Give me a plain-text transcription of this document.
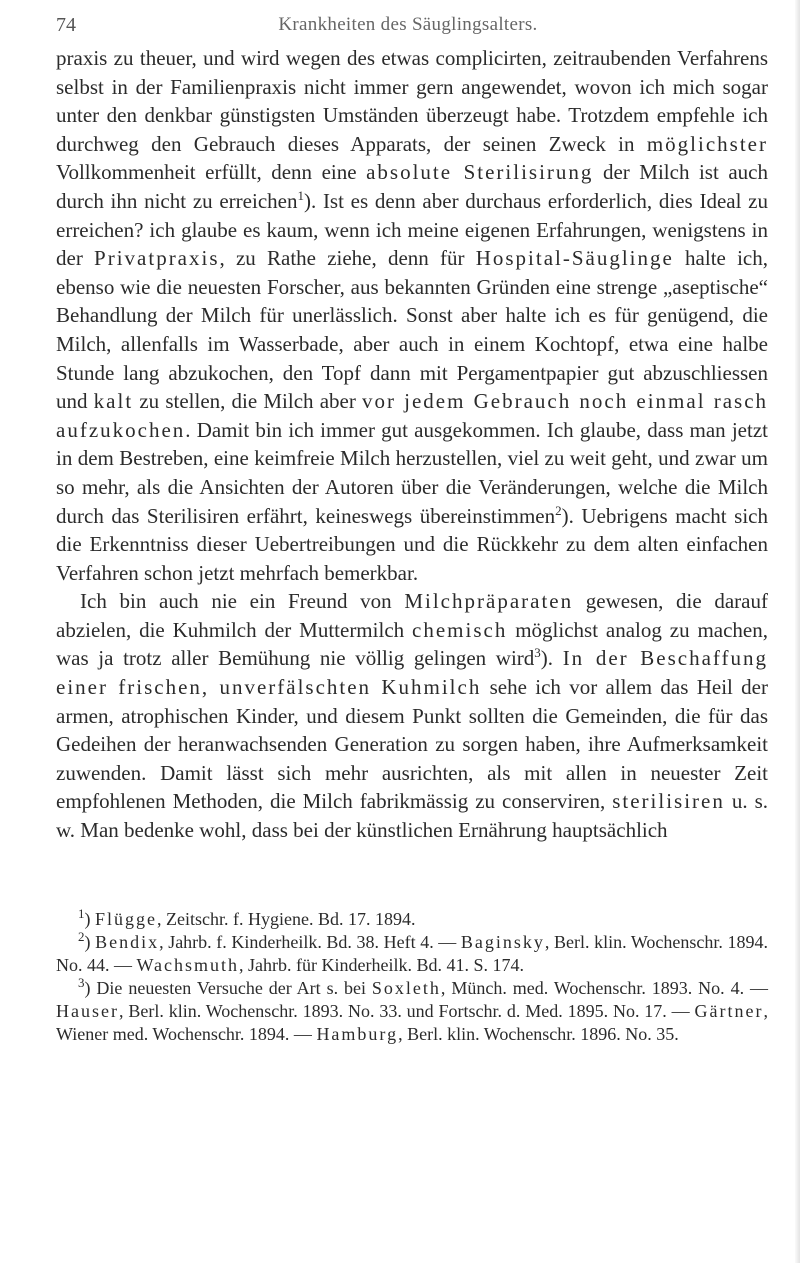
74	Krankheiten des Säuglingsalters.

praxis zu theuer, und wird wegen des etwas complicirten, zeitraubenden Verfahrens selbst in der Familienpraxis nicht immer gern angewendet, wovon ich mich sogar unter den denkbar günstigsten Umständen überzeugt habe. Trotzdem empfehle ich durchweg den Gebrauch dieses Apparats, der seinen Zweck in möglichster Vollkommenheit erfüllt, denn eine absolute Sterilisirung der Milch ist auch durch ihn nicht zu erreichen$^1$). Ist es denn aber durchaus erforderlich, dies Ideal zu erreichen? ich glaube es kaum, wenn ich meine eigenen Erfahrungen, wenigstens in der Privatpraxis, zu Rathe ziehe, denn für Hospital-Säuglinge halte ich, ebenso wie die neuesten Forscher, aus bekannten Gründen eine strenge „aseptische“ Behandlung der Milch für unerlässlich. Sonst aber halte ich es für genügend, die Milch, allenfalls im Wasserbade, aber auch in einem Kochtopf, etwa eine halbe Stunde lang abzukochen, den Topf dann mit Pergamentpapier gut abzuschliessen und kalt zu stellen, die Milch aber vor jedem Gebrauch noch einmal rasch aufzukochen. Damit bin ich immer gut ausgekommen. Ich glaube, dass man jetzt in dem Bestreben, eine keimfreie Milch herzustellen, viel zu weit geht, und zwar um so mehr, als die Ansichten der Autoren über die Veränderungen, welche die Milch durch das Sterilisiren erfährt, keineswegs übereinstimmen$^2$). Uebrigens macht sich die Erkenntniss dieser Uebertreibungen und die Rückkehr zu dem alten einfachen Verfahren schon jetzt mehrfach bemerkbar.

Ich bin auch nie ein Freund von Milchpräparaten gewesen, die darauf abzielen, die Kuhmilch der Muttermilch chemisch möglichst analog zu machen, was ja trotz aller Bemühung nie völlig gelingen wird$^3$). In der Beschaffung einer frischen, unverfälschten Kuhmilch sehe ich vor allem das Heil der armen, atrophischen Kinder, und diesem Punkt sollten die Gemeinden, die für das Gedeihen der heranwachsenden Generation zu sorgen haben, ihre Aufmerksamkeit zuwenden. Damit lässt sich mehr ausrichten, als mit allen in neuester Zeit empfohlenen Methoden, die Milch fabrikmässig zu conserviren, sterilisiren u. s. w. Man bedenke wohl, dass bei der künstlichen Ernährung hauptsächlich

$^1$) Flügge, Zeitschr. f. Hygiene. Bd. 17. 1894.

$^2$) Bendix, Jahrb. f. Kinderheilk. Bd. 38. Heft 4. — Baginsky, Berl. klin. Wochenschr. 1894. No. 44. — Wachsmuth, Jahrb. für Kinderheilk. Bd. 41. S. 174.

$^3$) Die neuesten Versuche der Art s. bei Soxleth, Münch. med. Wochenschr. 1893. No. 4. — Hauser, Berl. klin. Wochenschr. 1893. No. 33. und Fortschr. d. Med. 1895. No. 17. — Gärtner, Wiener med. Wochenschr. 1894. — Hamburg, Berl. klin. Wochenschr. 1896. No. 35.
